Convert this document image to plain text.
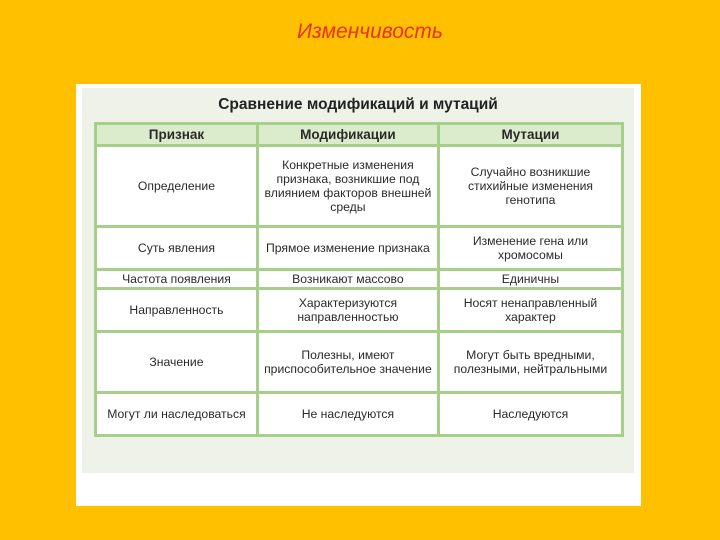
Изменчивость
Сравнение модификаций и мутаций
Признак	Модификации	Мутации
Определение	Конкретные изменения признака, возникшие под влиянием факторов внешней среды	Случайно возникшие стихийные изменения генотипа
Суть явления	Прямое изменение признака	Изменение гена или хромосомы
Частота появления	Возникают массово	Единичны
Направленность	Характеризуются направленностью	Носят ненаправленный характер
Значение	Полезны, имеют приспособительное значение	Могут быть вредными, полезными, нейтральными
Могут ли наследоваться	Не наследуются	Наследуются
